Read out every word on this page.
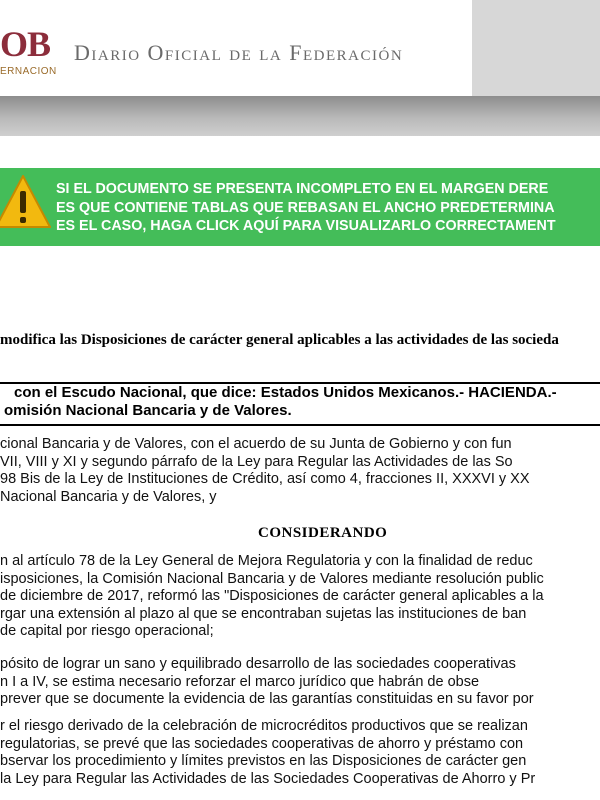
OB
ERNACION
Diario Oficial de la Federación
SI EL DOCUMENTO SE PRESENTA INCOMPLETO EN EL MARGEN DERE
ES QUE CONTIENE TABLAS QUE REBASAN EL ANCHO PREDETERMINA
ES EL CASO, HAGA CLICK AQUÍ PARA VISUALIZARLO CORRECTAMENT
modifica las Disposiciones de carácter general aplicables a las actividades de las socieda
con el Escudo Nacional, que dice: Estados Unidos Mexicanos.- HACIENDA.-
omisión Nacional Bancaria y de Valores.
cional Bancaria y de Valores, con el acuerdo de su Junta de Gobierno y con fun
VII, VIII y XI y segundo párrafo de la Ley para Regular las Actividades de las So
98 Bis de la Ley de Instituciones de Crédito, así como 4, fracciones II, XXXVI y XX
Nacional Bancaria y de Valores, y
CONSIDERANDO
n al artículo 78 de la Ley General de Mejora Regulatoria y con la finalidad de reduc
isposiciones, la Comisión Nacional Bancaria y de Valores mediante resolución public
de diciembre de 2017, reformó las "Disposiciones de carácter general aplicables a la
rgar una extensión al plazo al que se encontraban sujetas las instituciones de ban
de capital por riesgo operacional;
pósito de lograr un sano y equilibrado desarrollo de las sociedades cooperativas
n I a IV, se estima necesario reforzar el marco jurídico que habrán de obse
prever que se documente la evidencia de las garantías constituidas en su favor por
r el riesgo derivado de la celebración de microcréditos productivos que se realizan
regulatorias, se prevé que las sociedades cooperativas de ahorro y préstamo con
bservar los procedimiento y límites previstos en las Disposiciones de carácter gen
la Ley para Regular las Actividades de las Sociedades Cooperativas de Ahorro y Pr
